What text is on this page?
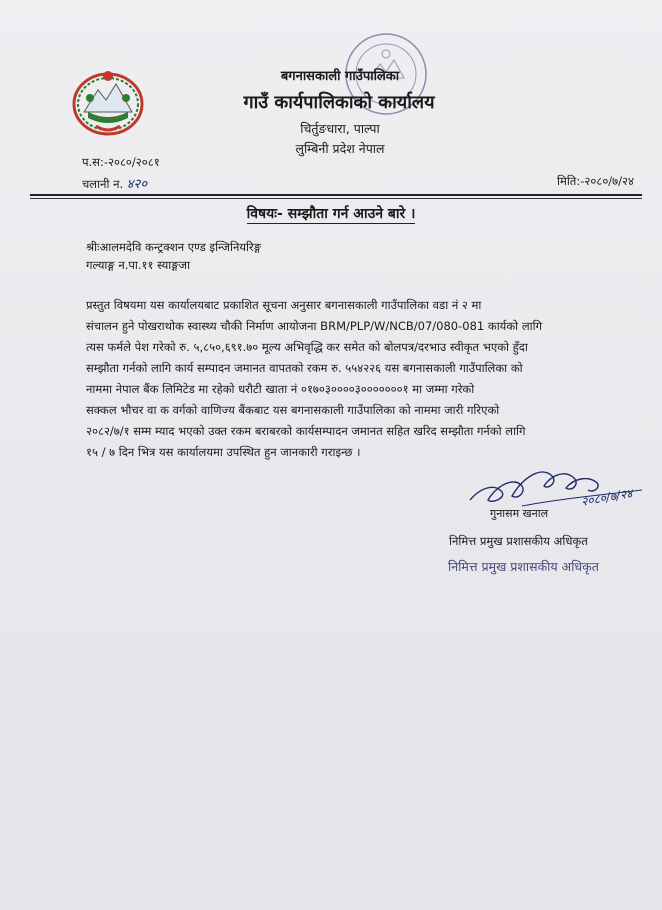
बगनासकाली गाउँपालिका
गाउँ कार्यपालिकाको कार्यालय
चिर्तुङधारा, पाल्पा
लुम्बिनी प्रदेश नेपाल
प.स:-२०८०/२०८१
चलानी न. ४२०	मिति:-२०८०/७/२४
विषयः- सम्झौता गर्न आउने बारे ।
श्रीःआलमदेवि कन्ट्रक्शन एण्ड इन्जिनियरिङ्ग
गल्याङ्ग न.पा.११ स्याङ्गजा
प्रस्तुत विषयमा यस कार्यालयबाट प्रकाशित सूचना अनुसार बगनासकाली गाउँपालिका वडा नं २ मा
संचालन हुने पोखराथोक स्वास्थ्य चौकी निर्माण आयोजना BRM/PLP/W/NCB/07/080-081 कार्यको लागि
त्यस फर्मले पेश गरेको रु. ५,८५०,६९१.७० मूल्य अभिवृद्धि कर समेत को बोलपत्र/दरभाउ स्वीकृत भएको हुँदा
सम्झौता गर्नको लागि कार्य सम्पादन जमानत वापतको रकम रु. ५५४२२६ यस बगनासकाली गाउँपालिका को
नाममा नेपाल बैंक लिमिटेड मा रहेको धरौटी खाता नं ०१७०३००००३०००००००१ मा जम्मा गरेको
सक्कल भौचर वा क वर्गको वाणिज्य बैंकबाट यस बगनासकाली गाउँपालिका को नाममा जारी गरिएको
२०८२/७/१ सम्म म्याद भएको उक्त रकम बराबरको कार्यसम्पादन जमानत सहित खरिद सम्झौता गर्नको लागि
१५ / ७ दिन भित्र यस कार्यालयमा उपस्थित हुन जानकारी गराइन्छ ।
२०८०/७/२४
गुनासम खनाल
निमित्त प्रमुख प्रशासकीय अधिकृत
निमित्त प्रमुख प्रशासकीय अधिकृत
